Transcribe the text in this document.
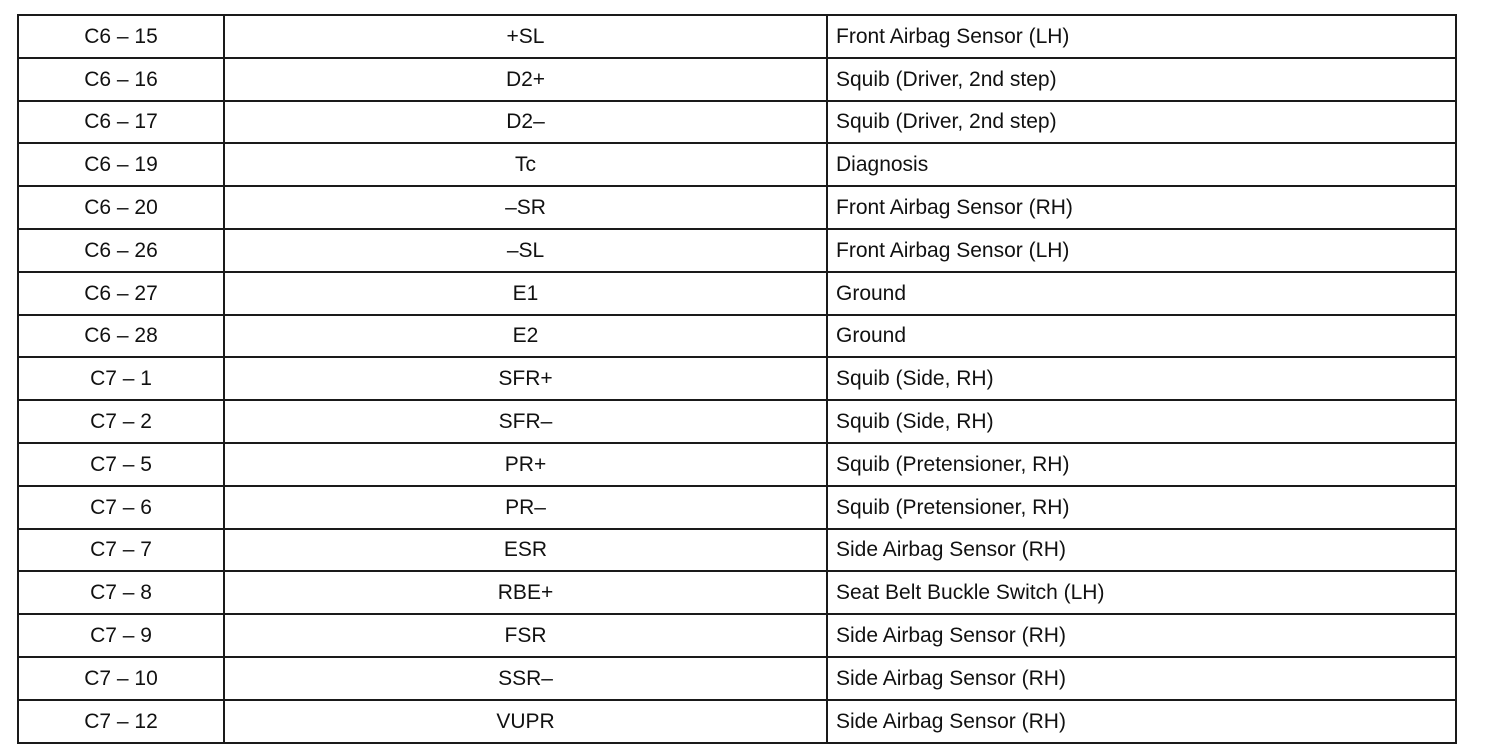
C6 – 15	+SL	Front Airbag Sensor (LH)
C6 – 16	D2+	Squib (Driver, 2nd step)
C6 – 17	D2–	Squib (Driver, 2nd step)
C6 – 19	Tc	Diagnosis
C6 – 20	–SR	Front Airbag Sensor (RH)
C6 – 26	–SL	Front Airbag Sensor (LH)
C6 – 27	E1	Ground
C6 – 28	E2	Ground
C7 – 1	SFR+	Squib (Side, RH)
C7 – 2	SFR–	Squib (Side, RH)
C7 – 5	PR+	Squib (Pretensioner, RH)
C7 – 6	PR–	Squib (Pretensioner, RH)
C7 – 7	ESR	Side Airbag Sensor (RH)
C7 – 8	RBE+	Seat Belt Buckle Switch (LH)
C7 – 9	FSR	Side Airbag Sensor (RH)
C7 – 10	SSR–	Side Airbag Sensor (RH)
C7 – 12	VUPR	Side Airbag Sensor (RH)
